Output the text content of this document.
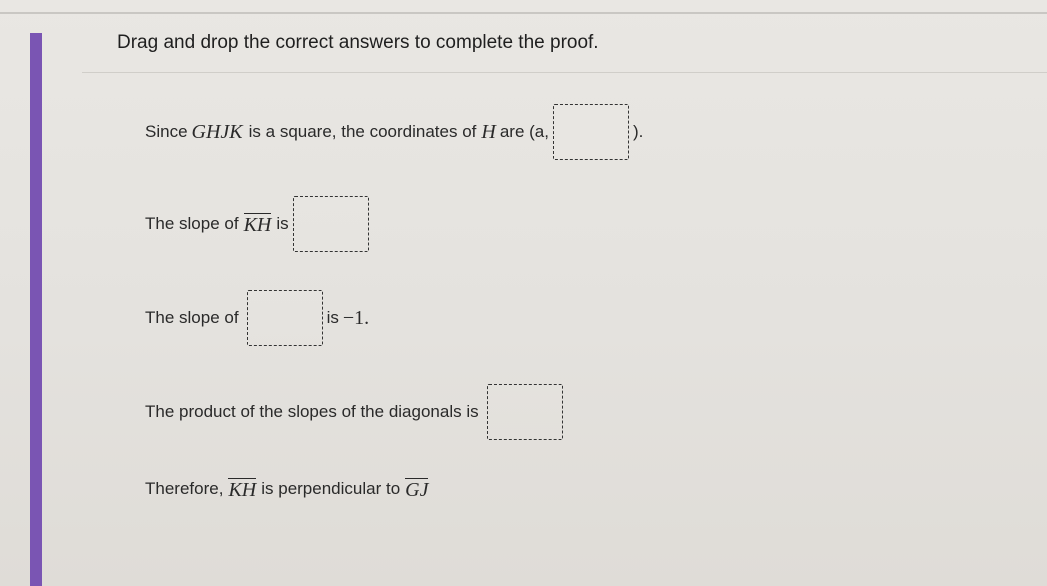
Drag and drop the correct answers to complete the proof.
Since GHJK is a square, the coordinates of H are (a,	).
The slope of KH is
The slope of	is −1.
The product of the slopes of the diagonals is
Therefore, KH is perpendicular to GJ
